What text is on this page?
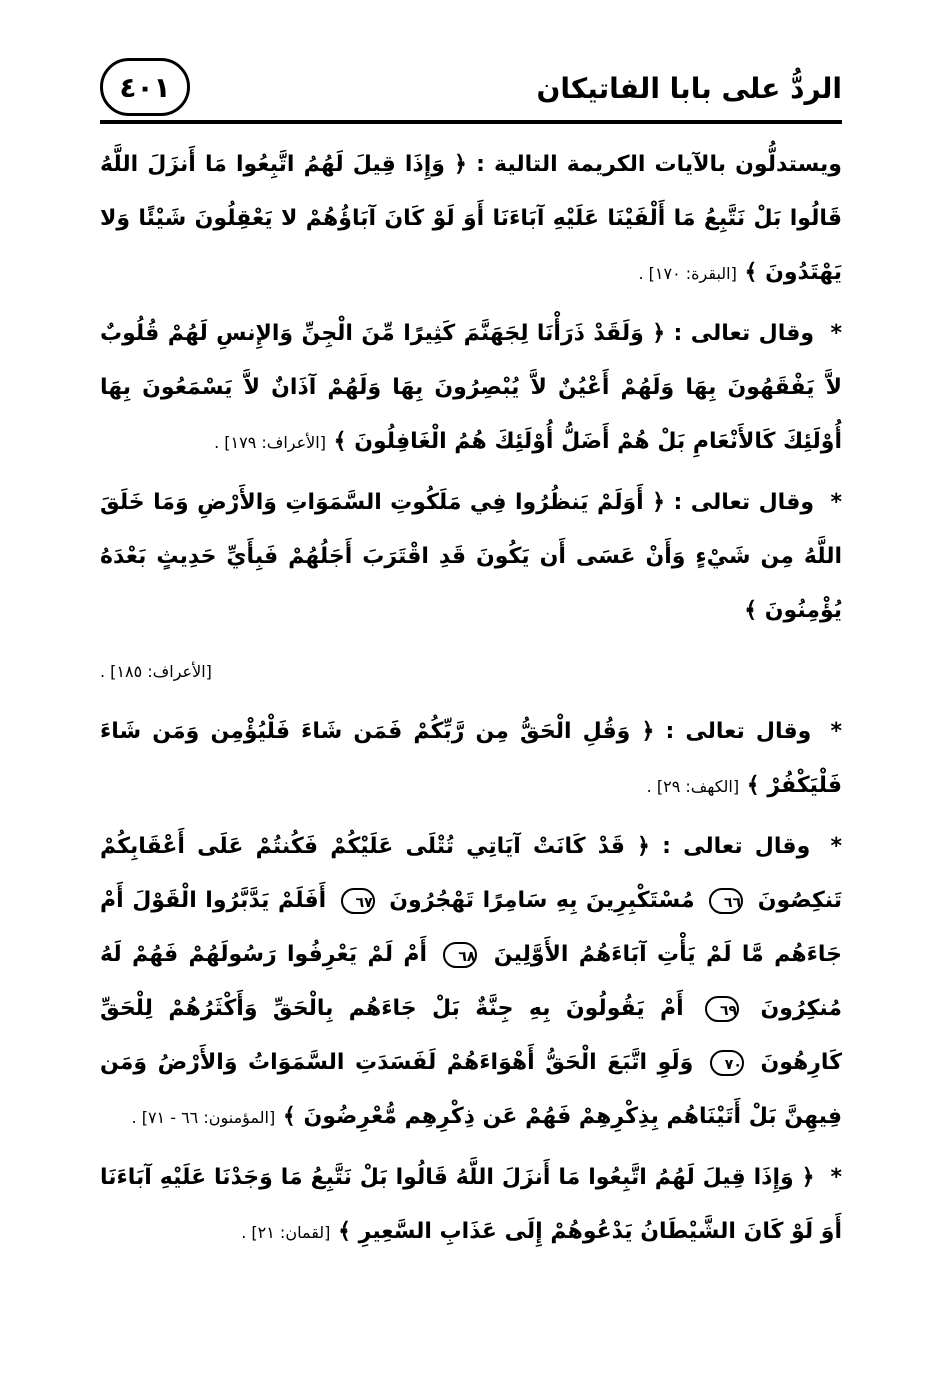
الردُّ على بابا الفاتيكان
٤٠١

ويستدلُّون بالآيات الكريمة التالية : ﴿ وَإِذَا قِيلَ لَهُمُ اتَّبِعُوا مَا أَنزَلَ اللَّهُ قَالُوا بَلْ نَتَّبِعُ مَا أَلْفَيْنَا عَلَيْهِ آبَاءَنَا أَوَ لَوْ كَانَ آبَاؤُهُمْ لا يَعْقِلُونَ شَيْئًا وَلا يَهْتَدُونَ ﴾ [البقرة: ١٧٠] .

* وقال تعالى : ﴿ وَلَقَدْ ذَرَأْنَا لِجَهَنَّمَ كَثِيرًا مِّنَ الْجِنِّ وَالإِنسِ لَهُمْ قُلُوبٌ لاَّ يَفْقَهُونَ بِهَا وَلَهُمْ أَعْيُنٌ لاَّ يُبْصِرُونَ بِهَا وَلَهُمْ آذَانٌ لاَّ يَسْمَعُونَ بِهَا أُوْلَئِكَ كَالأَنْعَامِ بَلْ هُمْ أَضَلُّ أُوْلَئِكَ هُمُ الْغَافِلُونَ ﴾ [الأعراف: ١٧٩] .

* وقال تعالى : ﴿ أَوَلَمْ يَنظُرُوا فِي مَلَكُوتِ السَّمَوَاتِ وَالأَرْضِ وَمَا خَلَقَ اللَّهُ مِن شَيْءٍ وَأَنْ عَسَى أَن يَكُونَ قَدِ اقْتَرَبَ أَجَلُهُمْ فَبِأَيِّ حَدِيثٍ بَعْدَهُ يُؤْمِنُونَ ﴾

[الأعراف: ١٨٥] .

* وقال تعالى : ﴿ وَقُلِ الْحَقُّ مِن رَّبِّكُمْ فَمَن شَاءَ فَلْيُؤْمِن وَمَن شَاءَ فَلْيَكْفُرْ ﴾ [الكهف: ٢٩] .

* وقال تعالى : ﴿ قَدْ كَانَتْ آيَاتِي تُتْلَى عَلَيْكُمْ فَكُنتُمْ عَلَى أَعْقَابِكُمْ تَنكِصُونَ ٦٦ مُسْتَكْبِرِينَ بِهِ سَامِرًا تَهْجُرُونَ ٦٧ أَفَلَمْ يَدَّبَّرُوا الْقَوْلَ أَمْ جَاءَهُم مَّا لَمْ يَأْتِ آبَاءَهُمُ الأَوَّلِينَ ٦٨ أَمْ لَمْ يَعْرِفُوا رَسُولَهُمْ فَهُمْ لَهُ مُنكِرُونَ ٦٩ أَمْ يَقُولُونَ بِهِ جِنَّةٌ بَلْ جَاءَهُم بِالْحَقِّ وَأَكْثَرُهُمْ لِلْحَقِّ كَارِهُونَ ٧٠ وَلَوِ اتَّبَعَ الْحَقُّ أَهْوَاءَهُمْ لَفَسَدَتِ السَّمَوَاتُ وَالأَرْضُ وَمَن فِيهِنَّ بَلْ أَتَيْنَاهُم بِذِكْرِهِمْ فَهُمْ عَن ذِكْرِهِم مُّعْرِضُونَ ﴾ [المؤمنون: ٦٦ - ٧١] .

* ﴿ وَإِذَا قِيلَ لَهُمُ اتَّبِعُوا مَا أَنزَلَ اللَّهُ قَالُوا بَلْ نَتَّبِعُ مَا وَجَدْنَا عَلَيْهِ آبَاءَنَا أَوَ لَوْ كَانَ الشَّيْطَانُ يَدْعُوهُمْ إِلَى عَذَابِ السَّعِيرِ ﴾ [لقمان: ٢١] .
